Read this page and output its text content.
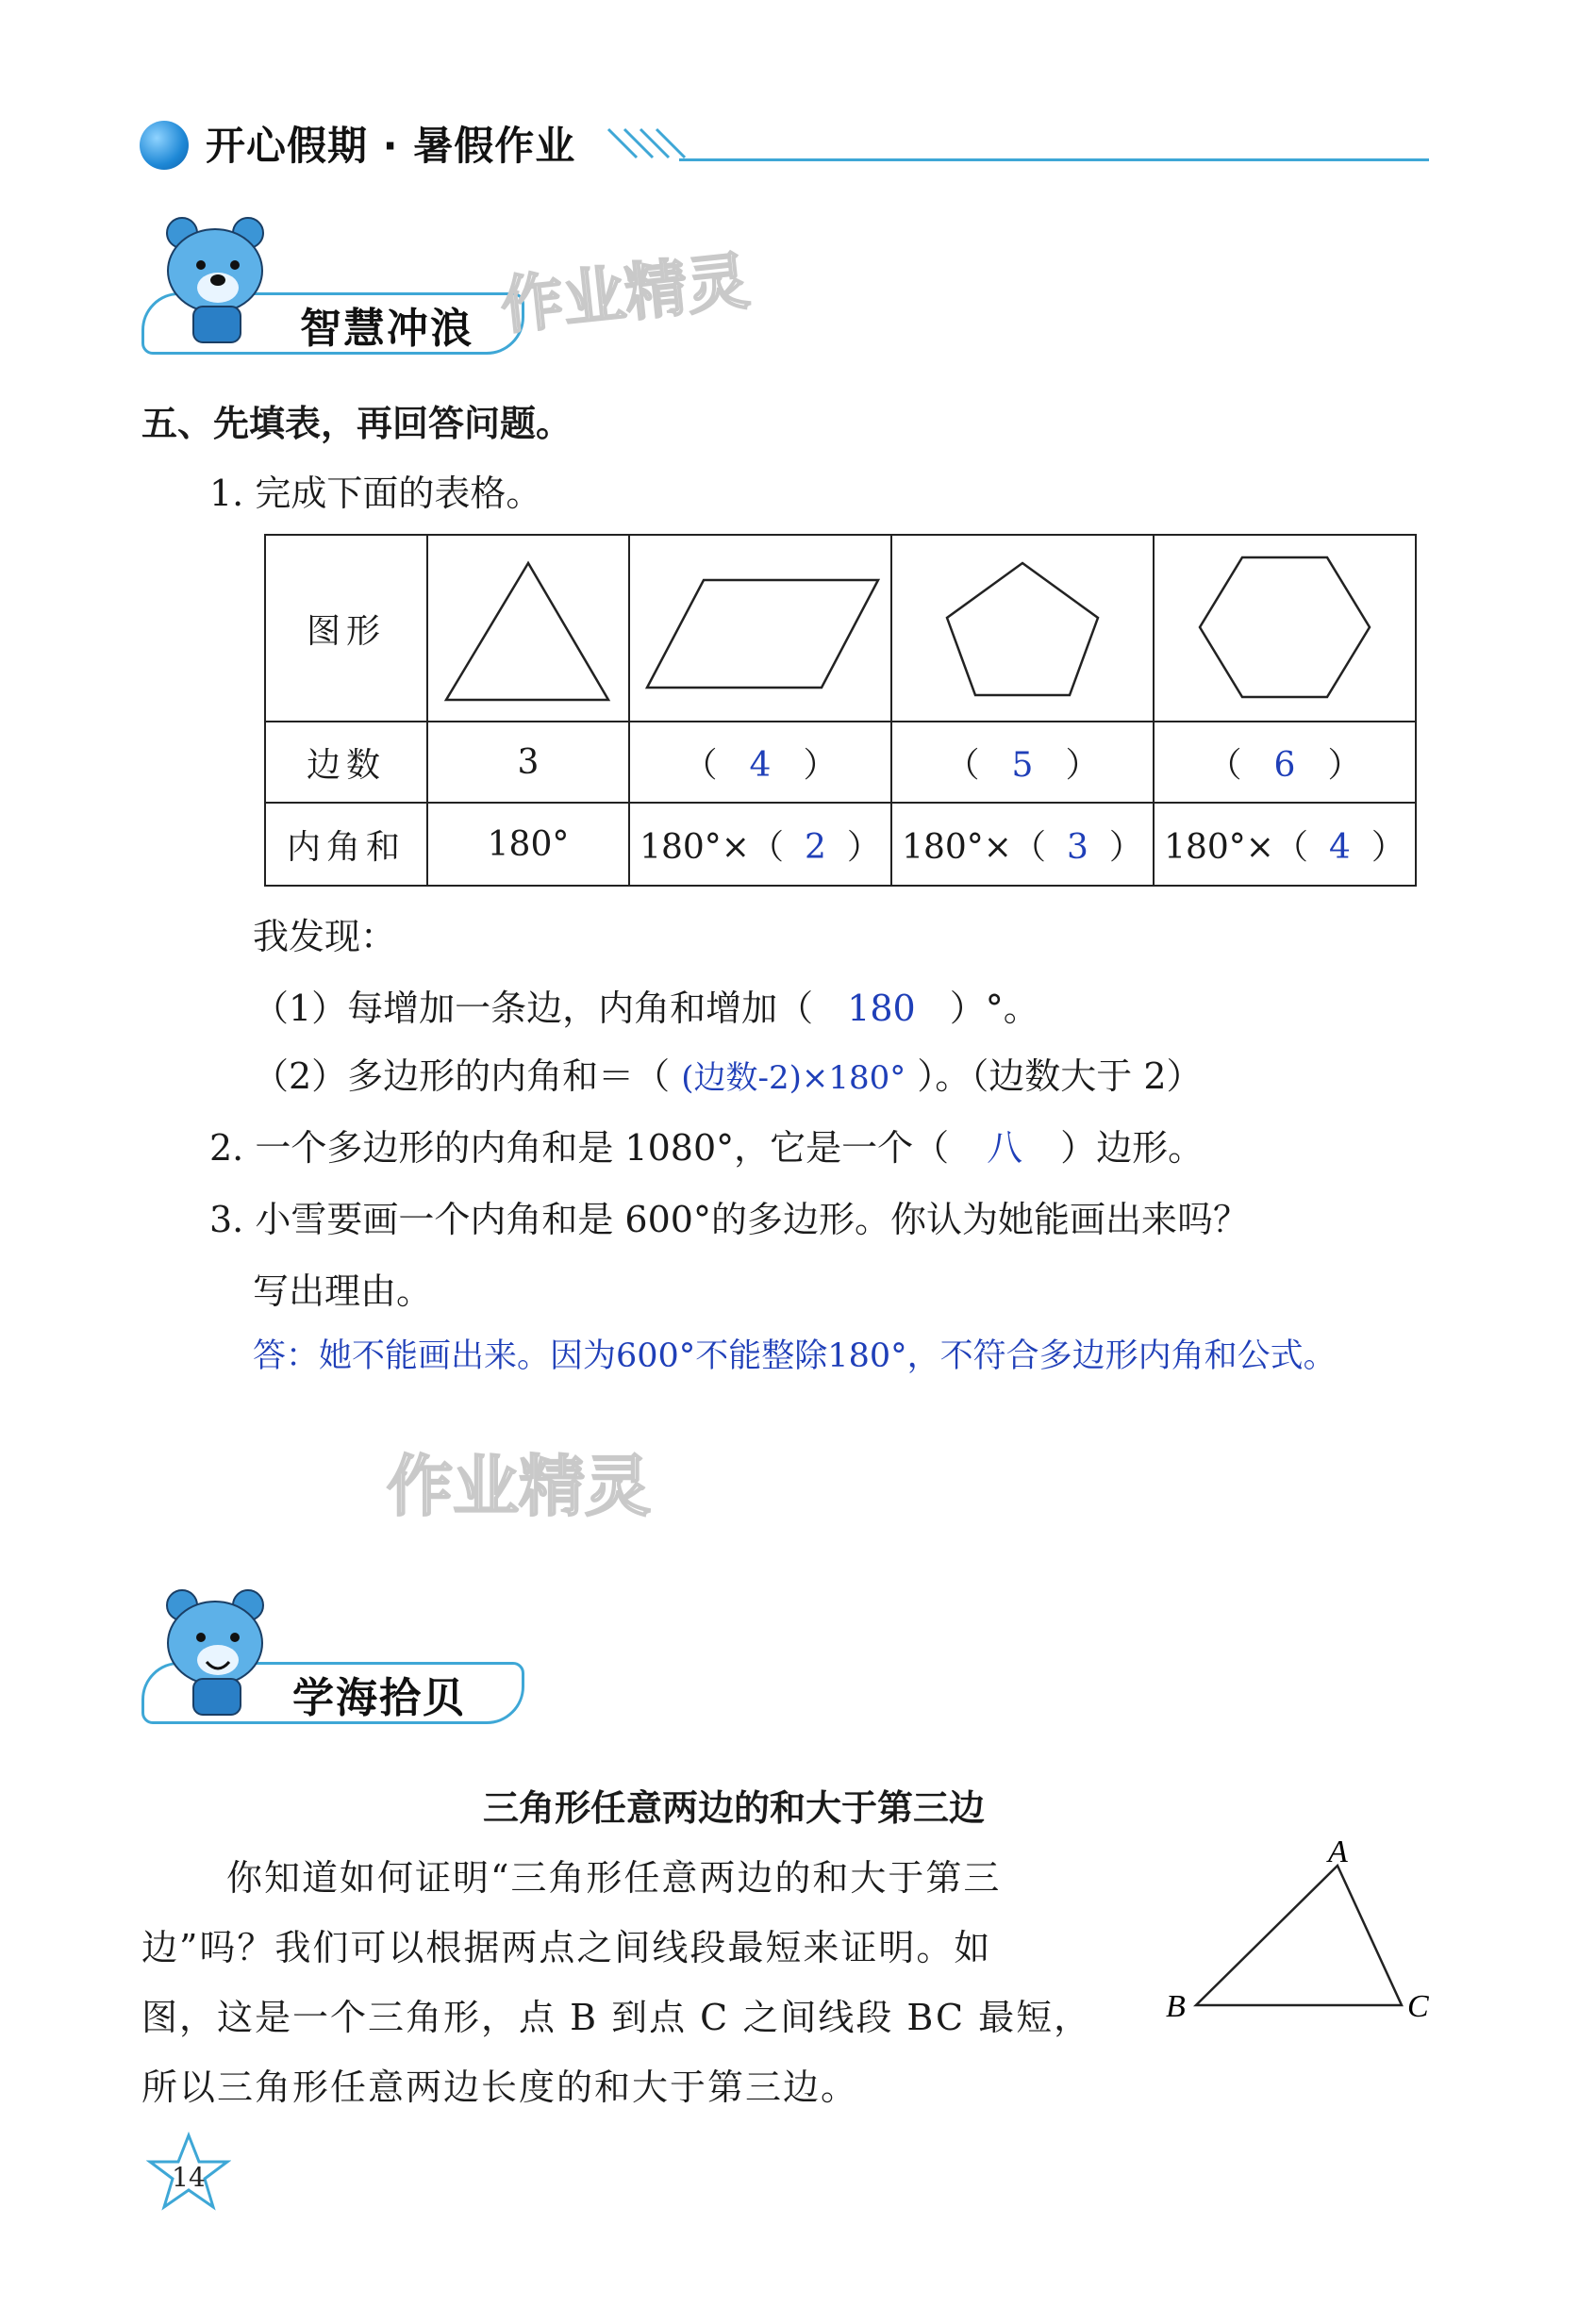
开心假期 · 暑假作业
智慧冲浪 作业精灵
五、先填表，再回答问题。
1. 完成下面的表格。
图形				
边数	3	（ 4 ）	（ 5 ）	（ 6 ）
内角和	180°	180°×（ 2 ）	180°×（ 3 ）	180°×（ 4 ）
我发现：
（1）每增加一条边，内角和增加（ 180 ）°。
（2）多边形的内角和＝（ (边数-2)×180° ）。（边数大于 2）
2. 一个多边形的内角和是 1080°，它是一个（ 八 ）边形。
3. 小雪要画一个内角和是 600°的多边形。你认为她能画出来吗？
写出理由。
答：她不能画出来。因为600°不能整除180°，不符合多边形内角和公式。
作业精灵
学海拾贝
三角形任意两边的和大于第三边
你知道如何证明“三角形任意两边的和大于第三
边”吗？我们可以根据两点之间线段最短来证明。如
图，这是一个三角形，点 B 到点 C 之间线段 BC 最短，
所以三角形任意两边长度的和大于第三边。
A
B	C
14
